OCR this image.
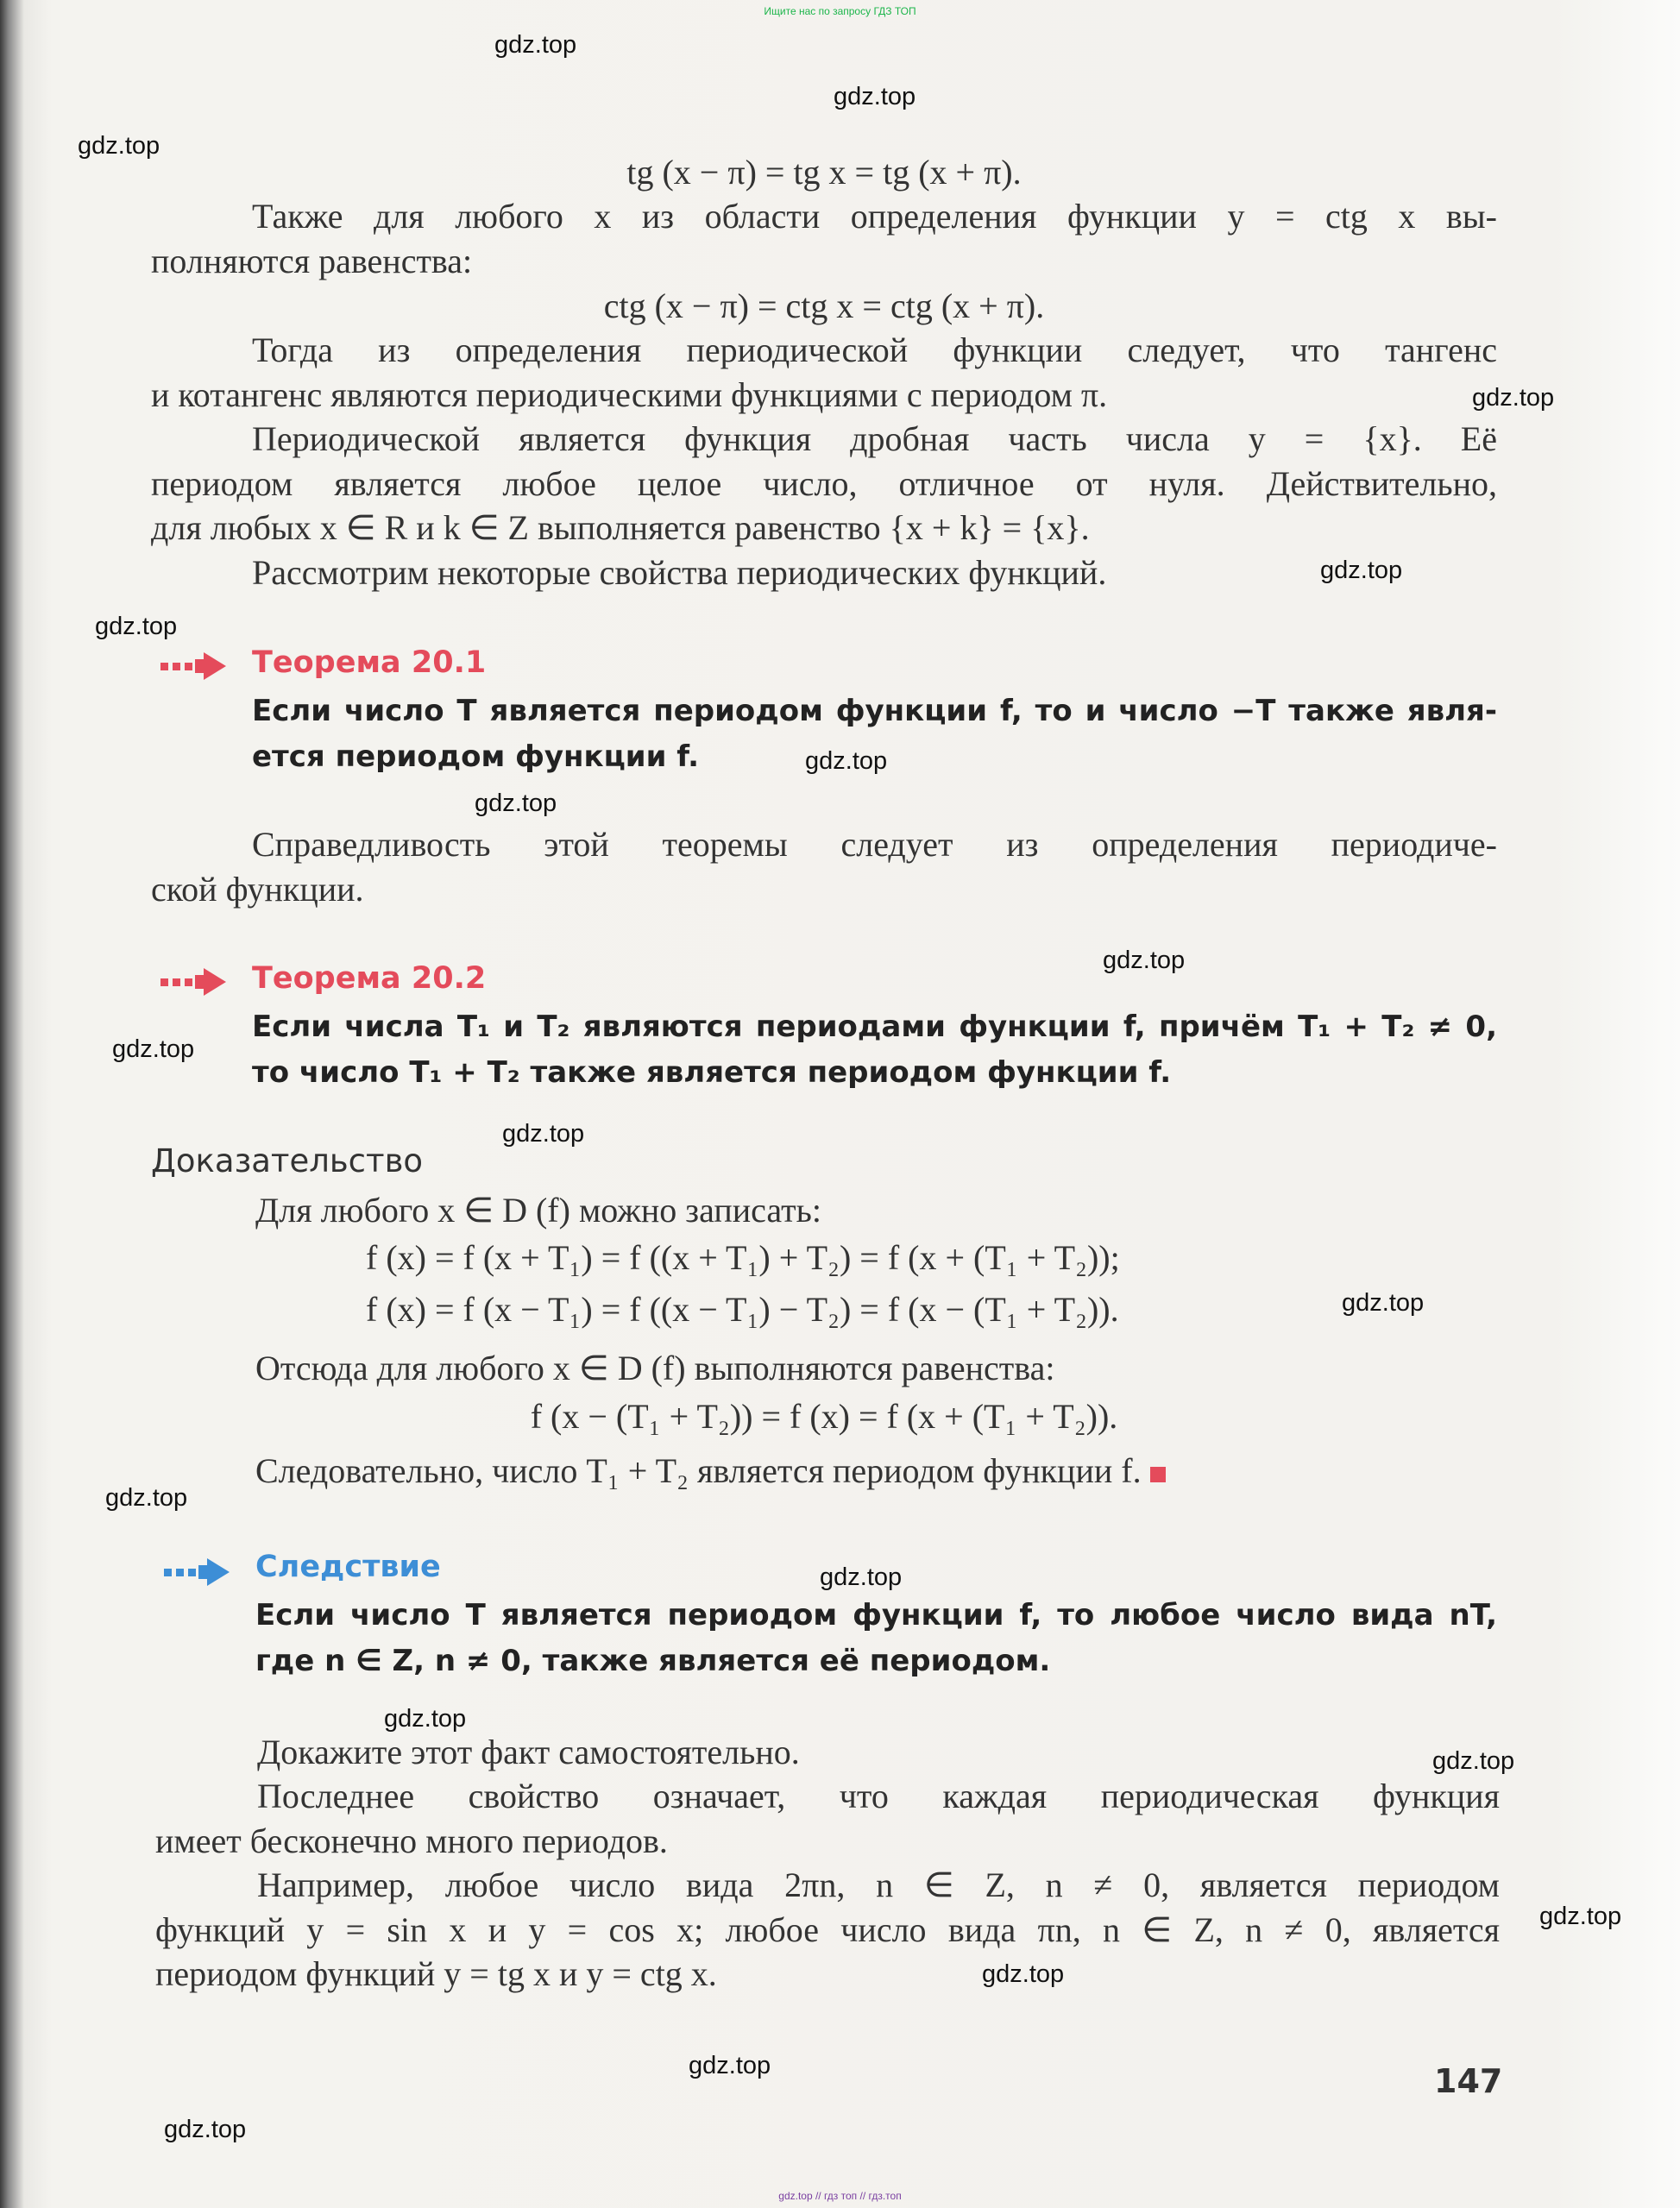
Ищите нас по запросу ГДЗ ТОП
gdz.top
gdz.top
gdz.top
gdz.top
gdz.top
gdz.top
gdz.top
gdz.top
gdz.top
gdz.top
gdz.top
gdz.top
gdz.top
gdz.top
gdz.top
gdz.top
gdz.top
gdz.top
gdz.top
gdz.top
tg (x − π) = tg x = tg (x + π).
Также для любого x из области определения функции y = ctg x вы-
полняются равенства:
ctg (x − π) = ctg x = ctg (x + π).
Тогда из определения периодической функции следует, что тангенс
и котангенс являются периодическими функциями с периодом π.
Периодической является функция дробная часть числа y = {x}. Её
периодом является любое целое число, отличное от нуля. Действительно,
для любых x ∈ R и k ∈ Z выполняется равенство {x + k} = {x}.
Рассмотрим некоторые свойства периодических функций.
Теорема 20.1
Если число T является периодом функции f, то и число −T также явля-
ется периодом функции f.
Справедливость этой теоремы следует из определения периодиче-
ской функции.
Теорема 20.2
Если числа T₁ и T₂ являются периодами функции f, причём T₁ + T₂ ≠ 0,
то число T₁ + T₂ также является периодом функции f.
Доказательство
Для любого x ∈ D (f) можно записать:
f (x) = f (x + T₁) = f ((x + T₁) + T₂) = f (x + (T₁ + T₂));
f (x) = f (x − T₁) = f ((x − T₁) − T₂) = f (x − (T₁ + T₂)).
Отсюда для любого x ∈ D (f) выполняются равенства:
f (x − (T₁ + T₂)) = f (x) = f (x + (T₁ + T₂)).
Следовательно, число T₁ + T₂ является периодом функции f.
Следствие
Если число T является периодом функции f, то любое число вида nT,
где n ∈ Z, n ≠ 0, также является её периодом.
Докажите этот факт самостоятельно.
Последнее свойство означает, что каждая периодическая функция
имеет бесконечно много периодов.
Например, любое число вида 2πn, n ∈ Z, n ≠ 0, является периодом
функций y = sin x и y = cos x; любое число вида πn, n ∈ Z, n ≠ 0, является
периодом функций y = tg x и y = ctg x.
147
gdz.top // гдз топ // гдз.топ
